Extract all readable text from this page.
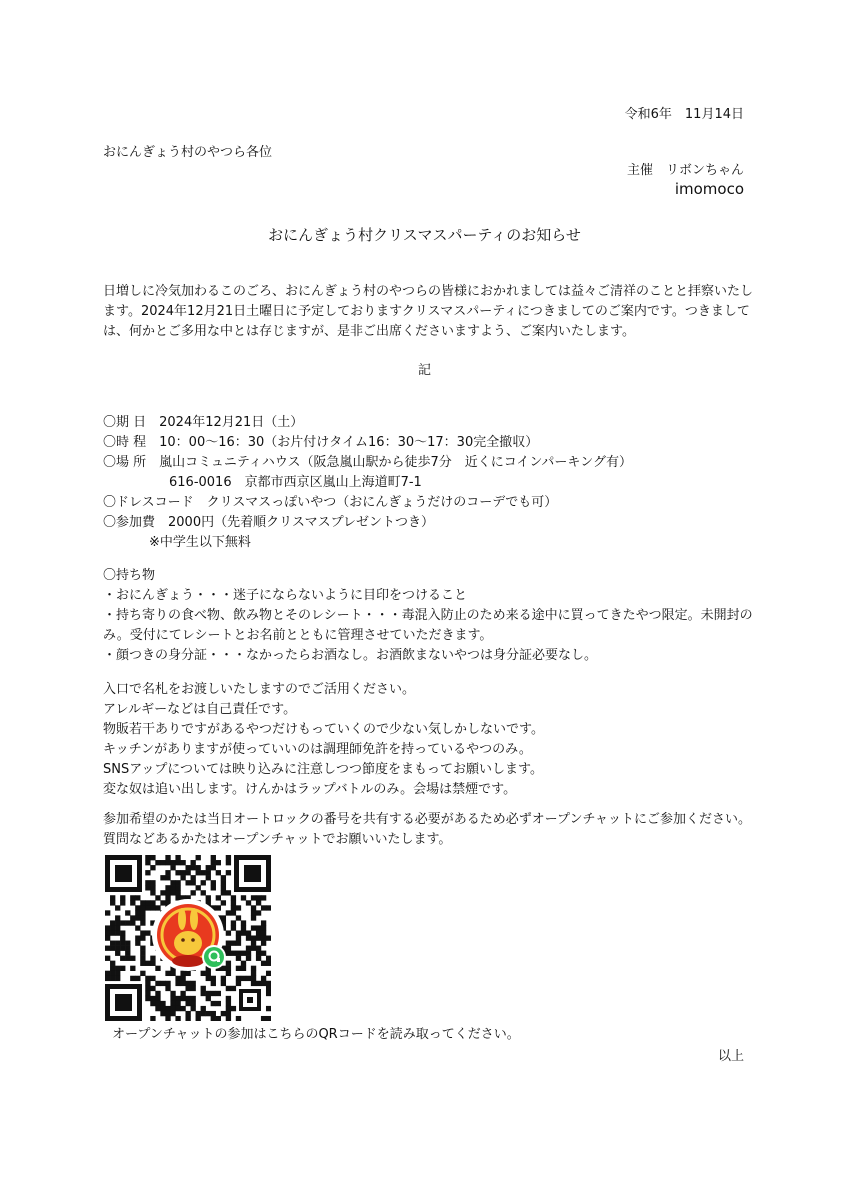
令和6年　11月14日
おにんぎょう村のやつら各位
主催　リボンちゃん
imomoco
おにんぎょう村クリスマスパーティのお知らせ
日増しに冷気加わるこのごろ、おにんぎょう村のやつらの皆様におかれましては益々ご清祥のことと拝察いたし
ます。2024年12月21日土曜日に予定しておりますクリスマスパーティにつきましてのご案内です。つきまして
は、何かとご多用な中とは存じますが、是非ご出席くださいますよう、ご案内いたします。
記
〇期 日　2024年12月21日（土）
〇時 程　10：00～16：30（お片付けタイム16：30～17：30完全撤収）
〇場 所　嵐山コミュニティハウス（阪急嵐山駅から徒歩7分　近くにコインパーキング有）
616-0016　京都市西京区嵐山上海道町7-1
〇ドレスコード　クリスマスっぽいやつ（おにんぎょうだけのコーデでも可）
〇参加費　2000円（先着順クリスマスプレゼントつき）
※中学生以下無料
〇持ち物
・おにんぎょう・・・迷子にならないように目印をつけること
・持ち寄りの食べ物、飲み物とそのレシート・・・毒混入防止のため来る途中に買ってきたやつ限定。未開封の
み。受付にてレシートとお名前とともに管理させていただきます。
・顔つきの身分証・・・なかったらお酒なし。お酒飲まないやつは身分証必要なし。
入口で名札をお渡しいたしますのでご活用ください。
アレルギーなどは自己責任です。
物販若干ありですがあるやつだけもっていくので少ない気しかしないです。
キッチンがありますが使っていいのは調理師免許を持っているやつのみ。
SNSアップについては映り込みに注意しつつ節度をまもってお願いします。
変な奴は追い出します。けんかはラップバトルのみ。会場は禁煙です。
参加希望のかたは当日オートロックの番号を共有する必要があるため必ずオープンチャットにご参加ください。
質問などあるかたはオープンチャットでお願いいたします。
オープンチャットの参加はこちらのQRコードを読み取ってください。
以上
